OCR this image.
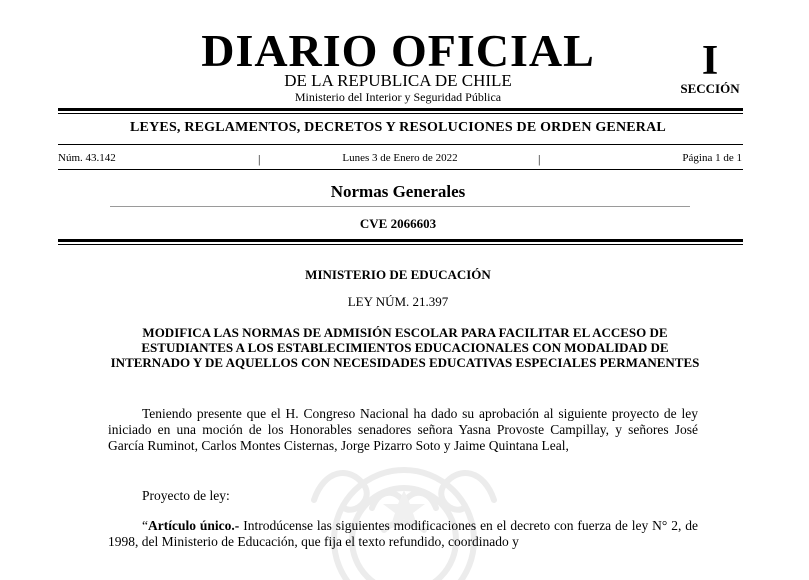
DIARIO OFICIAL
DE LA REPUBLICA DE CHILE
Ministerio del Interior y Seguridad Pública
I
SECCIÓN
LEYES, REGLAMENTOS, DECRETOS Y RESOLUCIONES DE ORDEN GENERAL
Núm. 43.142	|	Lunes 3 de Enero de 2022	|	Página 1 de 1
Normas Generales
CVE 2066603
MINISTERIO DE EDUCACIÓN
LEY NÚM. 21.397
MODIFICA LAS NORMAS DE ADMISIÓN ESCOLAR PARA FACILITAR EL ACCESO DE ESTUDIANTES A LOS ESTABLECIMIENTOS EDUCACIONALES CON MODALIDAD DE INTERNADO Y DE AQUELLOS CON NECESIDADES EDUCATIVAS ESPECIALES PERMANENTES
Teniendo presente que el H. Congreso Nacional ha dado su aprobación al siguiente proyecto de ley iniciado en una moción de los Honorables senadores señora Yasna Provoste Campillay, y señores José García Ruminot, Carlos Montes Cisternas, Jorge Pizarro Soto y Jaime Quintana Leal,
Proyecto de ley:
“Artículo único.- Introdúcense las siguientes modificaciones en el decreto con fuerza de ley N° 2, de 1998, del Ministerio de Educación, que fija el texto refundido, coordinado y
